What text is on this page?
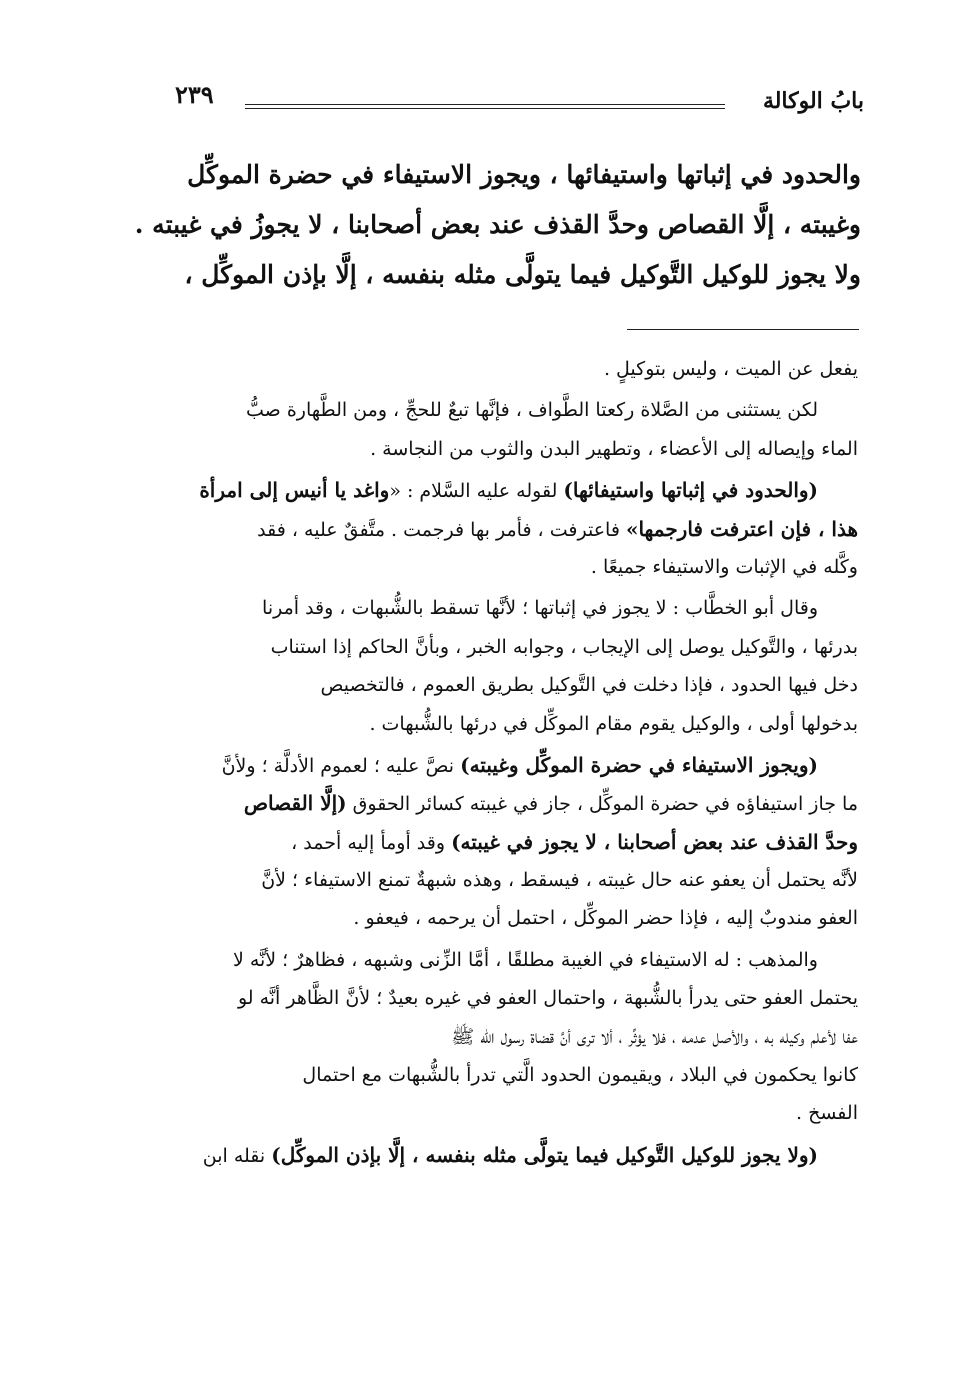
بابُ الوكالة
٢٣٩
والحدود في إثباتها واستيفائها ، ويجوز الاستيفاء في حضرة الموكِّل
وغيبته ، إلَّا القصاص وحدَّ القذف عند بعض أصحابنا ، لا يجوزُ في غيبته .
ولا يجوز للوكيل التَّوكيل فيما يتولَّى مثله بنفسه ، إلَّا بإذن الموكِّل ،
يفعل عن الميت ، وليس بتوكيلٍ .
لكن يستثنى من الصَّلاة ركعتا الطَّواف ، فإنَّها تبعٌ للحجِّ ، ومن الطَّهارة صبُّ
الماء وإيصاله إلى الأعضاء ، وتطهير البدن والثوب من النجاسة .
(والحدود في إثباتها واستيفائها) لقوله عليه السَّلام : «واغد يا أنيس إلى امرأة
هذا ، فإن اعترفت فارجمها» فاعترفت ، فأمر بها فرجمت . متَّفقٌ عليه ، فقد
وكَّله في الإثبات والاستيفاء جميعًا .
وقال أبو الخطَّاب : لا يجوز في إثباتها ؛ لأنَّها تسقط بالشُّبهات ، وقد أمرنا
بدرئها ، والتَّوكيل يوصل إلى الإيجاب ، وجوابه الخبر ، وبأنَّ الحاكم إذا استناب
دخل فيها الحدود ، فإذا دخلت في التَّوكيل بطريق العموم ، فالتخصيص
بدخولها أولى ، والوكيل يقوم مقام الموكِّل في درئها بالشُّبهات .
(ويجوز الاستيفاء في حضرة الموكِّل وغيبته) نصَّ عليه ؛ لعموم الأدلَّة ؛ ولأنَّ
ما جاز استيفاؤه في حضرة الموكِّل ، جاز في غيبته كسائر الحقوق (إلَّا القصاص
وحدَّ القذف عند بعض أصحابنا ، لا يجوز في غيبته) وقد أومأ إليه أحمد ،
لأنَّه يحتمل أن يعفو عنه حال غيبته ، فيسقط ، وهذه شبهةٌ تمنع الاستيفاء ؛ لأنَّ
العفو مندوبٌ إليه ، فإذا حضر الموكِّل ، احتمل أن يرحمه ، فيعفو .
والمذهب : له الاستيفاء في الغيبة مطلقًا ، أمَّا الزِّنى وشبهه ، فظاهرٌ ؛ لأنَّه لا
يحتمل العفو حتى يدرأ بالشُّبهة ، واحتمال العفو في غيره بعيدٌ ؛ لأنَّ الظَّاهر أنَّه لو
عفا لأعلم وكيله به ، والأصل عدمه ، فلا يؤثِّر ، ألا ترى أنَّ قضاة رسول الله ﷺ
كانوا يحكمون في البلاد ، ويقيمون الحدود الَّتي تدرأ بالشُّبهات مع احتمال
الفسخ .
(ولا يجوز للوكيل التَّوكيل فيما يتولَّى مثله بنفسه ، إلَّا بإذن الموكِّل) نقله ابن
